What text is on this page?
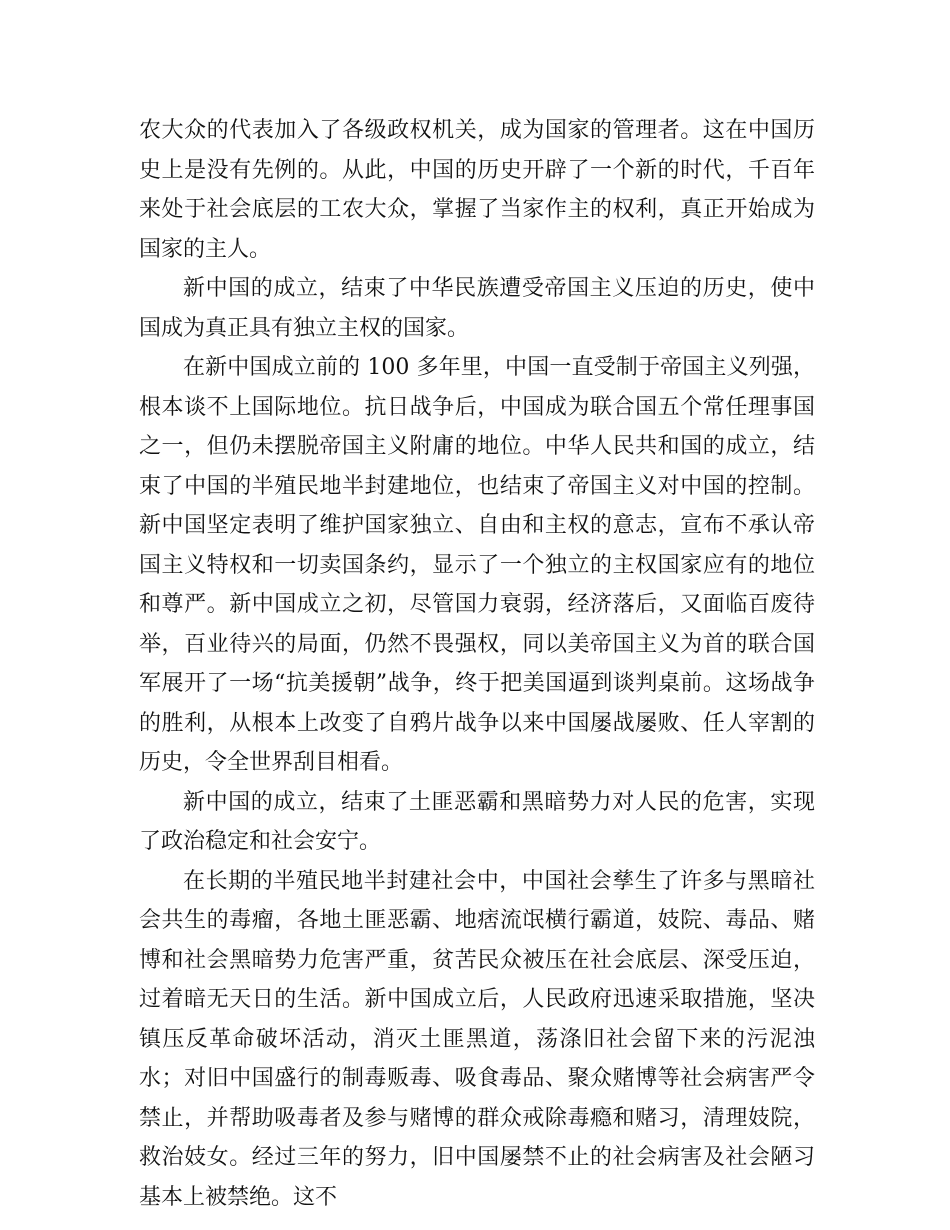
农大众的代表加入了各级政权机关，成为国家的管理者。这在中国历史上是没有先例的。从此，中国的历史开辟了一个新的时代，千百年来处于社会底层的工农大众，掌握了当家作主的权利，真正开始成为国家的主人。

新中国的成立，结束了中华民族遭受帝国主义压迫的历史，使中国成为真正具有独立主权的国家。

在新中国成立前的 100 多年里，中国一直受制于帝国主义列强，根本谈不上国际地位。抗日战争后，中国成为联合国五个常任理事国之一，但仍未摆脱帝国主义附庸的地位。中华人民共和国的成立，结束了中国的半殖民地半封建地位，也结束了帝国主义对中国的控制。新中国坚定表明了维护国家独立、自由和主权的意志，宣布不承认帝国主义特权和一切卖国条约，显示了一个独立的主权国家应有的地位和尊严。新中国成立之初，尽管国力衰弱，经济落后，又面临百废待举，百业待兴的局面，仍然不畏强权，同以美帝国主义为首的联合国军展开了一场“抗美援朝”战争，终于把美国逼到谈判桌前。这场战争的胜利，从根本上改变了自鸦片战争以来中国屡战屡败、任人宰割的历史，令全世界刮目相看。

新中国的成立，结束了土匪恶霸和黑暗势力对人民的危害，实现了政治稳定和社会安宁。

在长期的半殖民地半封建社会中，中国社会孳生了许多与黑暗社会共生的毒瘤，各地土匪恶霸、地痞流氓横行霸道，妓院、毒品、赌博和社会黑暗势力危害严重，贫苦民众被压在社会底层、深受压迫，过着暗无天日的生活。新中国成立后，人民政府迅速采取措施，坚决镇压反革命破坏活动，消灭土匪黑道，荡涤旧社会留下来的污泥浊水；对旧中国盛行的制毒贩毒、吸食毒品、聚众赌博等社会病害严令禁止，并帮助吸毒者及参与赌博的群众戒除毒瘾和赌习，清理妓院，救治妓女。经过三年的努力，旧中国屡禁不止的社会病害及社会陋习基本上被禁绝。这不
